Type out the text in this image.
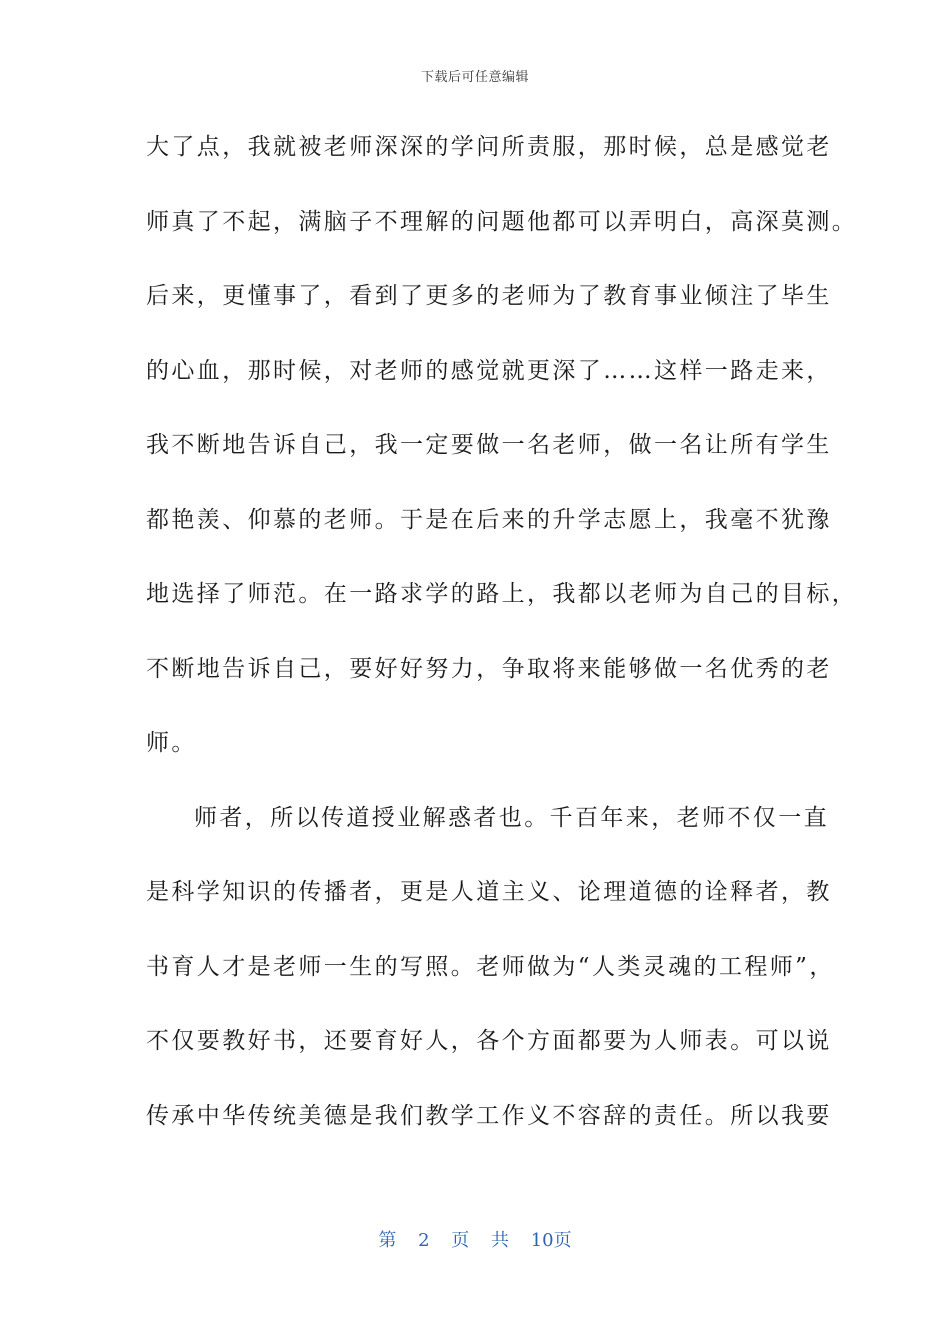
下载后可任意编辑
大了点，我就被老师深深的学问所责服，那时候，总是感觉老
师真了不起，满脑子不理解的问题他都可以弄明白，高深莫测。
后来，更懂事了，看到了更多的老师为了教育事业倾注了毕生
的心血，那时候，对老师的感觉就更深了……这样一路走来，
我不断地告诉自己，我一定要做一名老师，做一名让所有学生
都艳羡、仰慕的老师。于是在后来的升学志愿上，我毫不犹豫
地选择了师范。在一路求学的路上，我都以老师为自己的目标，
不断地告诉自己，要好好努力，争取将来能够做一名优秀的老
师。
师者，所以传道授业解惑者也。千百年来，老师不仅一直
是科学知识的传播者，更是人道主义、论理道德的诠释者，教
书育人才是老师一生的写照。老师做为“人类灵魂的工程师”，
不仅要教好书，还要育好人，各个方面都要为人师表。可以说
传承中华传统美德是我们教学工作义不容辞的责任。所以我要
第 2 页 共 10页
